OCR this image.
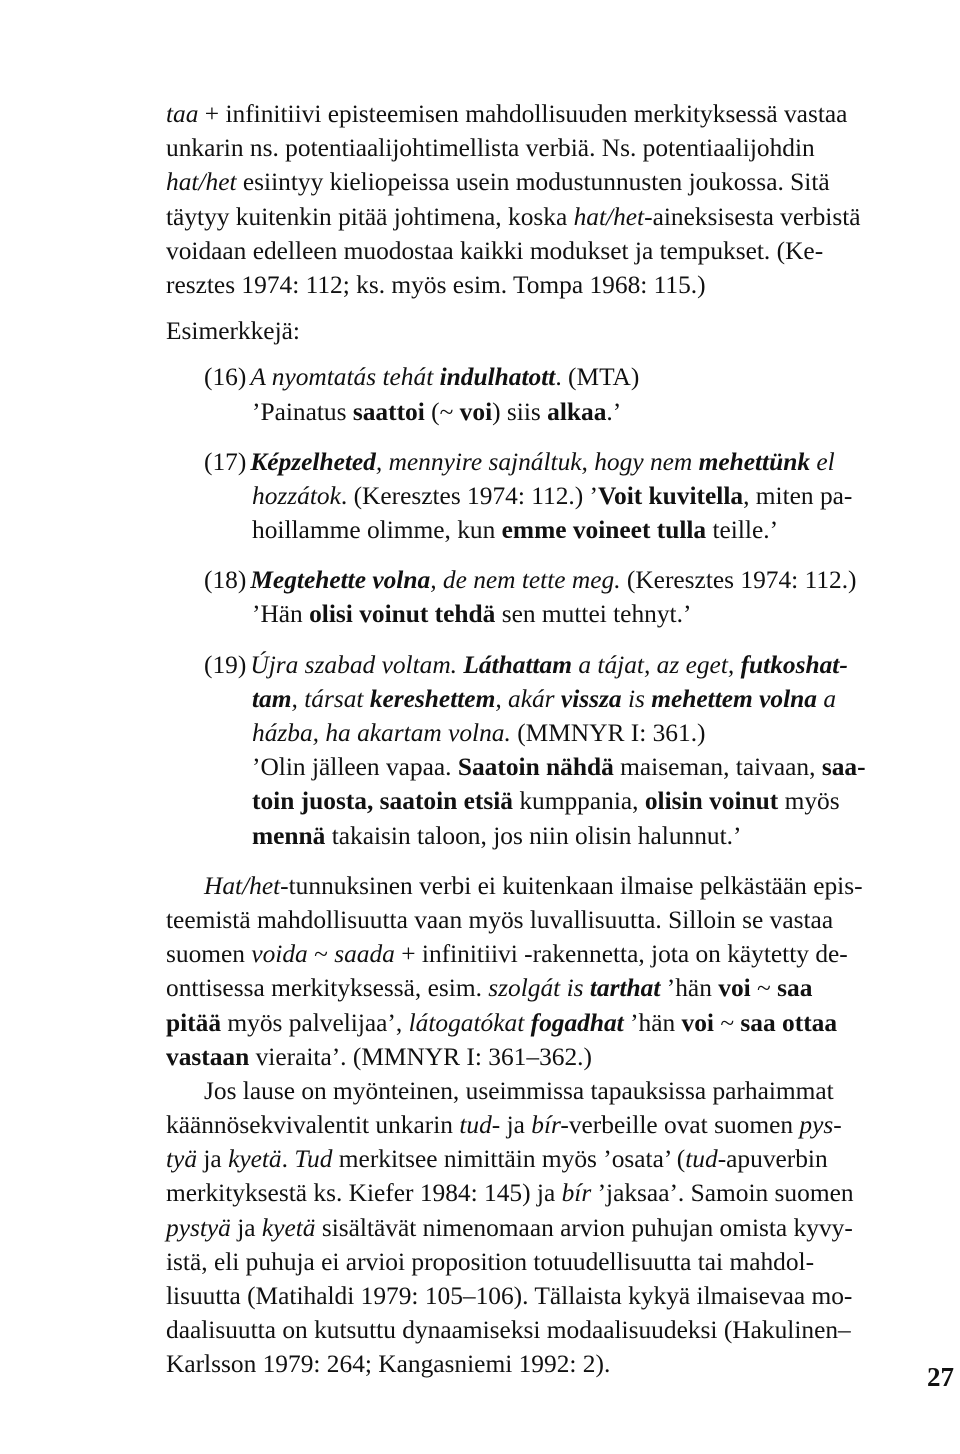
taa + infinitiivi episteemisen mahdollisuuden merkityksessä vastaa
unkarin ns. potentiaalijohtimellista verbiä. Ns. potentiaalijohdin
hat/het esiintyy kieliopeissa usein modustunnusten joukossa. Sitä
täytyy kuitenkin pitää johtimena, koska hat/het-aineksisesta verbistä
voidaan edelleen muodostaa kaikki modukset ja tempukset. (Ke-
resztes 1974: 112; ks. myös esim. Tompa 1968: 115.)
Esimerkkejä:
(16) A nyomtatás tehát indulhatott. (MTA)
’Painatus saattoi (~ voi) siis alkaa.’
(17) Képzelheted, mennyire sajnáltuk, hogy nem mehettünk el
hozzátok. (Keresztes 1974: 112.) ’Voit kuvitella, miten pa-
hoillamme olimme, kun emme voineet tulla teille.’
(18) Megtehette volna, de nem tette meg. (Keresztes 1974: 112.)
’Hän olisi voinut tehdä sen muttei tehnyt.’
(19) Újra szabad voltam. Láthattam a tájat, az eget, futkoshat-
tam, társat kereshettem, akár vissza is mehettem volna a
házba, ha akartam volna. (MMNYR I: 361.)
’Olin jälleen vapaa. Saatoin nähdä maiseman, taivaan, saa-
toin juosta, saatoin etsiä kumppania, olisin voinut myös
mennä takaisin taloon, jos niin olisin halunnut.’
Hat/het-tunnuksinen verbi ei kuitenkaan ilmaise pelkästään epis-
teemistä mahdollisuutta vaan myös luvallisuutta. Silloin se vastaa
suomen voida ~ saada + infinitiivi -rakennetta, jota on käytetty de-
onttisessa merkityksessä, esim. szolgát is tarthat ’hän voi ~ saa
pitää myös palvelijaa’, látogatókat fogadhat ’hän voi ~ saa ottaa
vastaan vieraita’. (MMNYR I: 361–362.)
Jos lause on myönteinen, useimmissa tapauksissa parhaimmat
käännösekvivalentit unkarin tud- ja bír-verbeille ovat suomen pys-
tyä ja kyetä. Tud merkitsee nimittäin myös ’osata’ (tud-apuverbin
merkityksestä ks. Kiefer 1984: 145) ja bír ’jaksaa’. Samoin suomen
pystyä ja kyetä sisältävät nimenomaan arvion puhujan omista kyvy-
istä, eli puhuja ei arvioi proposition totuudellisuutta tai mahdol-
lisuutta (Matihaldi 1979: 105–106). Tällaista kykyä ilmaisevaa mo-
daalisuutta on kutsuttu dynaamiseksi modaalisuudeksi (Hakulinen–
Karlsson 1979: 264; Kangasniemi 1992: 2).	27
